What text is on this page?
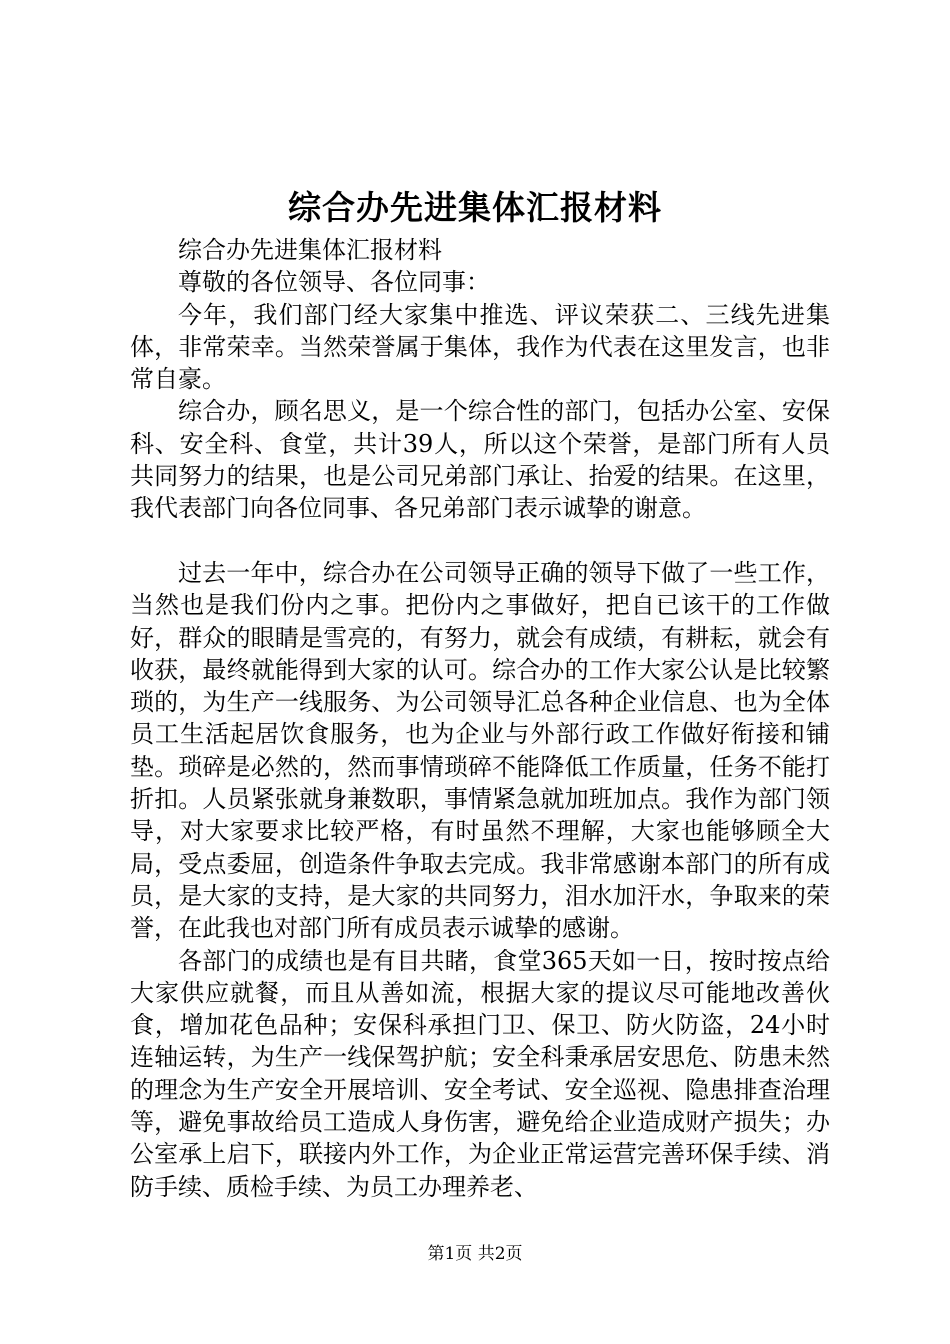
综合办先进集体汇报材料

综合办先进集体汇报材料

尊敬的各位领导、各位同事：

今年，我们部门经大家集中推选、评议荣获二、三线先进集体，非常荣幸。当然荣誉属于集体，我作为代表在这里发言，也非常自豪。

综合办，顾名思义，是一个综合性的部门，包括办公室、安保科、安全科、食堂，共计39人，所以这个荣誉，是部门所有人员共同努力的结果，也是公司兄弟部门承让、抬爱的结果。在这里，我代表部门向各位同事、各兄弟部门表示诚挚的谢意。

过去一年中，综合办在公司领导正确的领导下做了一些工作，当然也是我们份内之事。把份内之事做好，把自已该干的工作做好，群众的眼睛是雪亮的，有努力，就会有成绩，有耕耘，就会有收获，最终就能得到大家的认可。综合办的工作大家公认是比较繁琐的，为生产一线服务、为公司领导汇总各种企业信息、也为全体员工生活起居饮食服务，也为企业与外部行政工作做好衔接和铺垫。琐碎是必然的，然而事情琐碎不能降低工作质量，任务不能打折扣。人员紧张就身兼数职，事情紧急就加班加点。我作为部门领导，对大家要求比较严格，有时虽然不理解，大家也能够顾全大局，受点委屈，创造条件争取去完成。我非常感谢本部门的所有成员，是大家的支持，是大家的共同努力，泪水加汗水，争取来的荣誉，在此我也对部门所有成员表示诚挚的感谢。

各部门的成绩也是有目共睹，食堂365天如一日，按时按点给大家供应就餐，而且从善如流，根据大家的提议尽可能地改善伙食，增加花色品种；安保科承担门卫、保卫、防火防盗，24小时连轴运转，为生产一线保驾护航；安全科秉承居安思危、防患未然的理念为生产安全开展培训、安全考试、安全巡视、隐患排查治理等，避免事故给员工造成人身伤害，避免给企业造成财产损失；办公室承上启下，联接内外工作，为企业正常运营完善环保手续、消防手续、质检手续、为员工办理养老、

第1页 共2页
